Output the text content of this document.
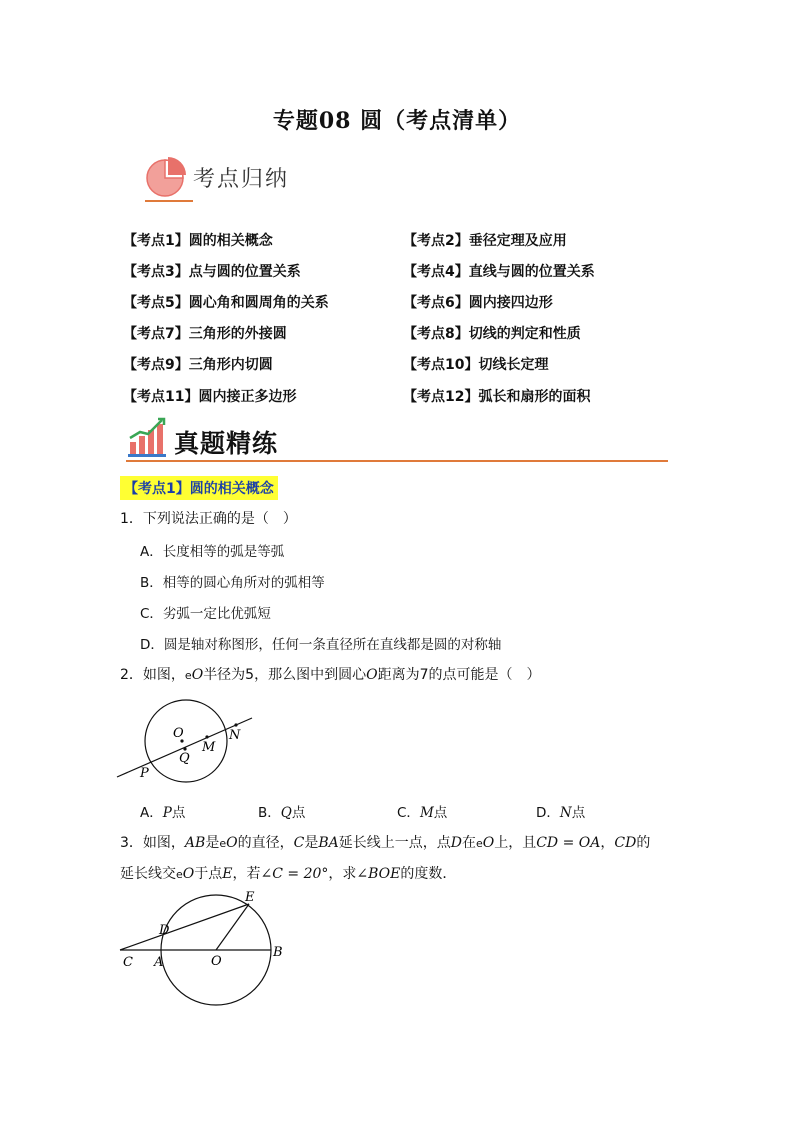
专题08 圆（考点清单）
考点归纳
【考点1】圆的相关概念	【考点2】垂径定理及应用
【考点3】点与圆的位置关系	【考点4】直线与圆的位置关系
【考点5】圆心角和圆周角的关系	【考点6】圆内接四边形
【考点7】三角形的外接圆	【考点8】切线的判定和性质
【考点9】三角形内切圆	【考点10】切线长定理
【考点11】圆内接正多边形	【考点12】弧长和扇形的面积
真题精练
【考点1】圆的相关概念
1．下列说法正确的是（　）
A．长度相等的弧是等弧
B．相等的圆心角所对的弧相等
C．劣弧一定比优弧短
D．圆是轴对称图形，任何一条直径所在直线都是圆的对称轴
2．如图，eO半径为5，那么图中到圆心O距离为7的点可能是（　）
O
Q
M
N
P
A．P点	B．Q点	C．M点	D．N点
3．如图，AB是eO的直径，C是BA延长线上一点，点D在eO上，且CD = OA，CD的
延长线交eO于点E，若∠C = 20°，求∠BOE的度数．
E
D
C A	O
B
